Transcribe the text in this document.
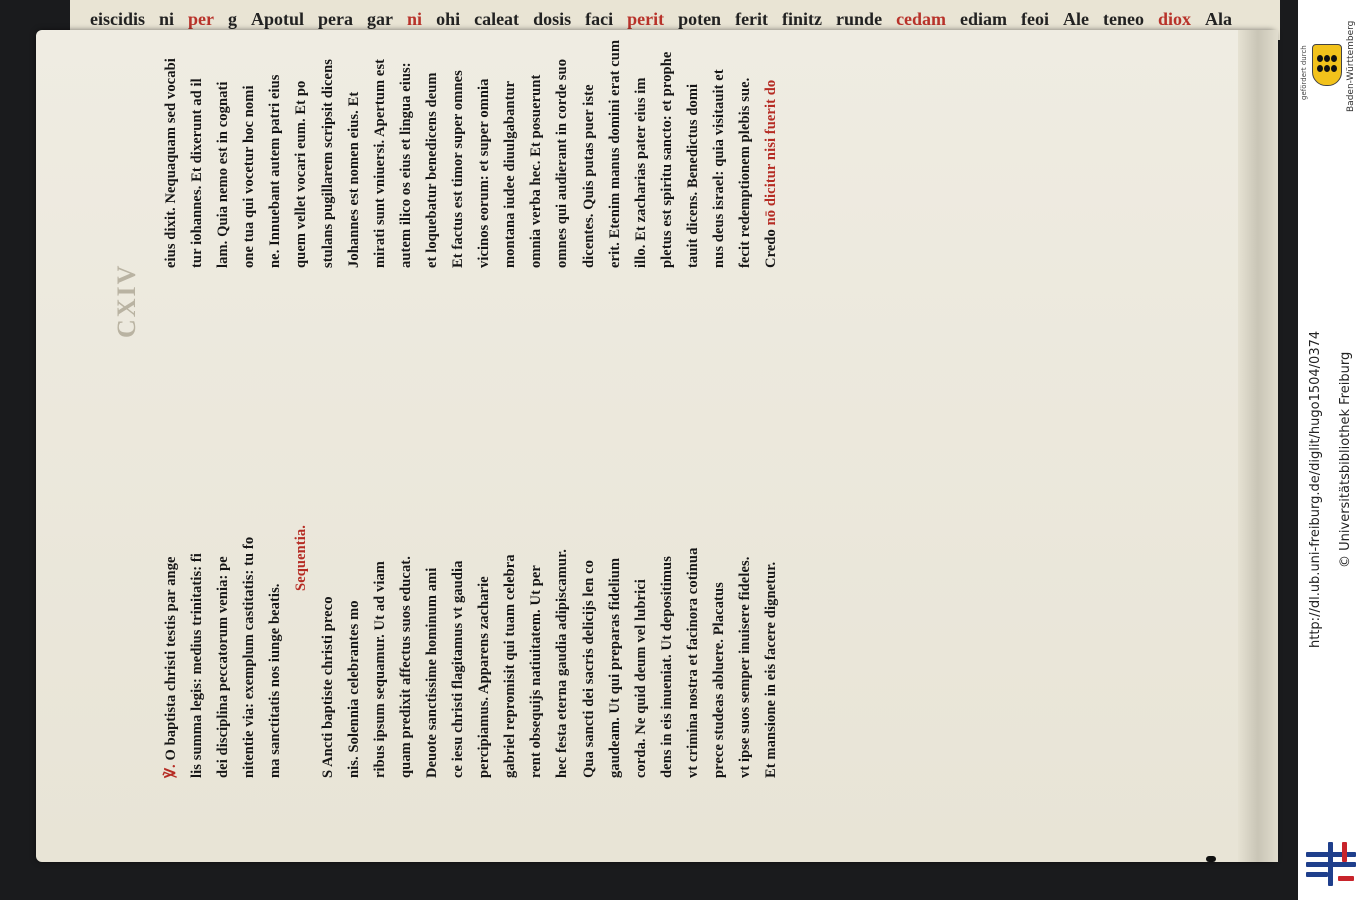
eiscidis ni per g Apotul pera gar ni ohi caleat dosis faci perit poten ferit finitz runde cedam ediam feoi Ale teneo diox Ala
CXIV
℣. O baptista christi testis par ange lis summa legis: medius trinitatis: fi dei disciplina peccatorum venia: pe nitentie via: exemplum castitatis: tu fo ma sanctitatis nos iunge beatis.
Sequentia.
S Ancti baptiste christi preco nis. Solennia celebrantes mo ribus ipsum sequamur. Ut ad viam quam predixit affectus suos educat. Deuote sanctissime hominum ami ce iesu christi flagitamus vt gaudia percipiamus. Apparens zacharie gabriel repromisit qui tuam celebra rent obsequijs natiuitatem. Ut per hec festa eterna gaudia adipiscamur. Qua sancti dei sacris delicijs len co gaudeam. Ut qui preparas fidelium corda. Ne quid deum vel lubrici dens in eis inueniat. Ut depositimus vt crimina nostra et facinora cotinua prece studeas abluere. Placatus vt ipse suos semper inuisere fideles. Et mansione in eis facere dignetur.
eius dixit. Nequaquam sed vocabi tur iohannes. Et dixerunt ad il lam. Quia nemo est in cognati one tua qui vocetur hoc nomi ne. Innuebant autem patri eius quem vellet vocari eum. Et po stulans pugillarem scripsit dicens Johannes est nomen eius. Et mirati sunt vniuersi. Apertum est autem ilico os eius et lingua eius: et loquebatur benedicens deum Et factus est timor super omnes vicinos eorum: et super omnia montana iudee diuulgabantur omnia verba hec. Et posuerunt omnes qui audierant in corde suo dicentes. Quis putas puer iste erit. Etenim manus domini erat cum illo. Et zacharias pater eius im pletus est spiritu sancto: et prophe tauit dicens. Benedictus domi nus deus israel: quia visitauit et fecit redemptionem plebis sue. Credo nō dicitur nisi fuerit do
gefördert durch	Baden-Württemberg
http://dl.ub.uni-freiburg.de/diglit/hugo1504/0374 © Universitätsbibliothek Freiburg
